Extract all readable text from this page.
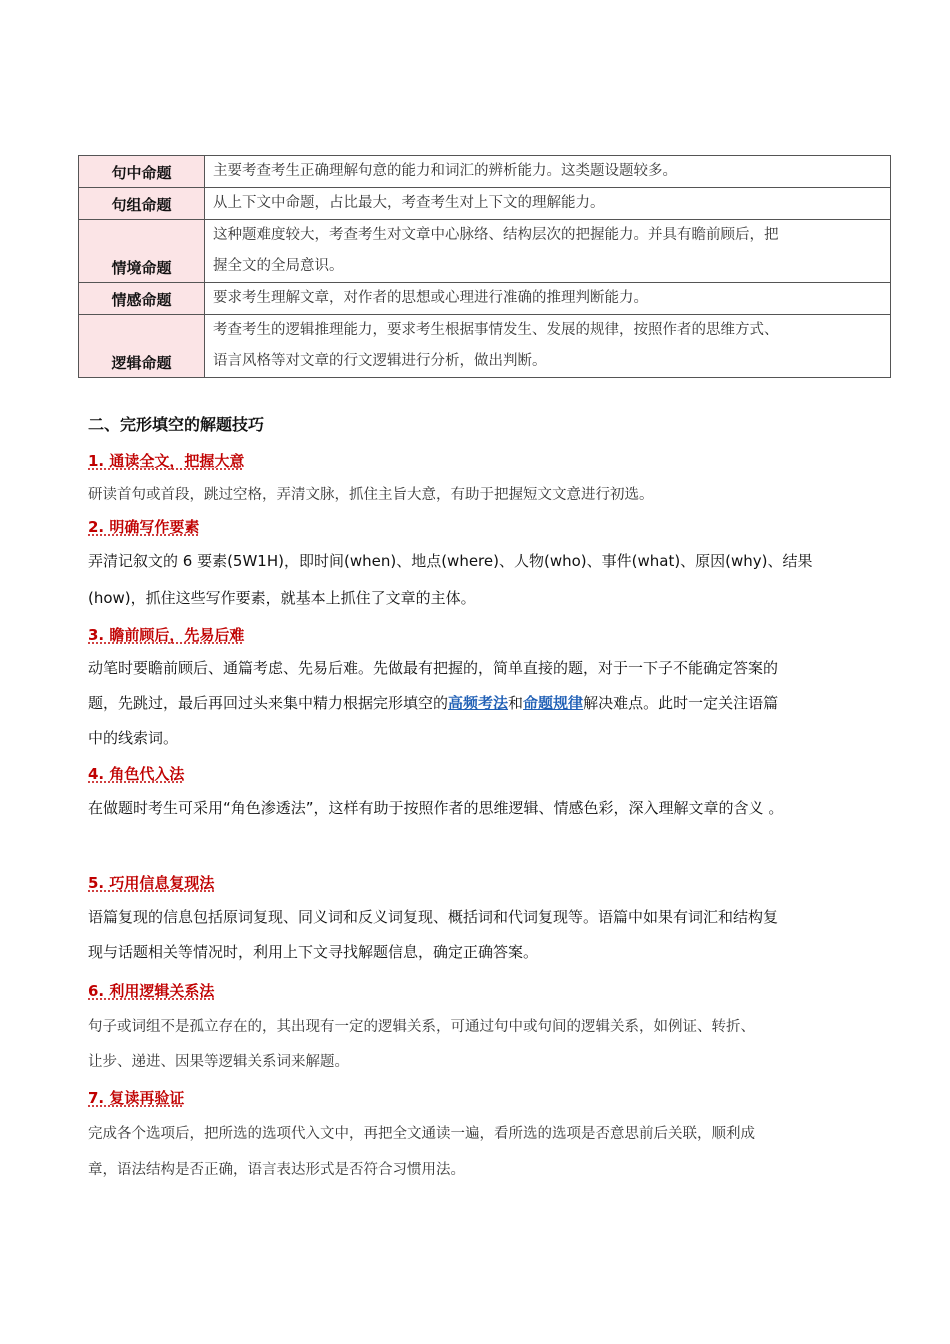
句中命题	主要考查考生正确理解句意的能力和词汇的辨析能力。这类题设题较多。

句组命题	从上下文中命题，占比最大，考查考生对上下文的理解能力。

情境命题	这种题难度较大，考查考生对文章中心脉络、结构层次的把握能力。并具有瞻前顾后，把
握全文的全局意识。

情感命题	要求考生理解文章，对作者的思想或心理进行准确的推理判断能力。

逻辑命题	考查考生的逻辑推理能力，要求考生根据事情发生、发展的规律，按照作者的思维方式、
语言风格等对文章的行文逻辑进行分析，做出判断。
二、完形填空的解题技巧
1. 通读全文，把握大意
研读首句或首段，跳过空格，弄清文脉，抓住主旨大意，有助于把握短文文意进行初选。
2. 明确写作要素
弄清记叙文的 6 要素(5W1H)，即时间(when)、地点(where)、人物(who)、事件(what)、原因(why)、结果
(how)，抓住这些写作要素，就基本上抓住了文章的主体。
3. 瞻前顾后，先易后难
动笔时要瞻前顾后、通篇考虑、先易后难。先做最有把握的，简单直接的题，对于一下子不能确定答案的
题，先跳过，最后再回过头来集中精力根据完形填空的高频考法和命题规律解决难点。此时一定关注语篇
中的线索词。
4. 角色代入法
在做题时考生可采用“角色渗透法”，这样有助于按照作者的思维逻辑、情感色彩，深入理解文章的含义 。
5. 巧用信息复现法
语篇复现的信息包括原词复现、同义词和反义词复现、概括词和代词复现等。语篇中如果有词汇和结构复
现与话题相关等情况时，利用上下文寻找解题信息，确定正确答案。
6. 利用逻辑关系法
句子或词组不是孤立存在的，其出现有一定的逻辑关系，可通过句中或句间的逻辑关系，如例证、转折、
让步、递进、因果等逻辑关系词来解题。
7. 复读再验证
完成各个选项后，把所选的选项代入文中，再把全文通读一遍，看所选的选项是否意思前后关联，顺利成
章，语法结构是否正确，语言表达形式是否符合习惯用法。
